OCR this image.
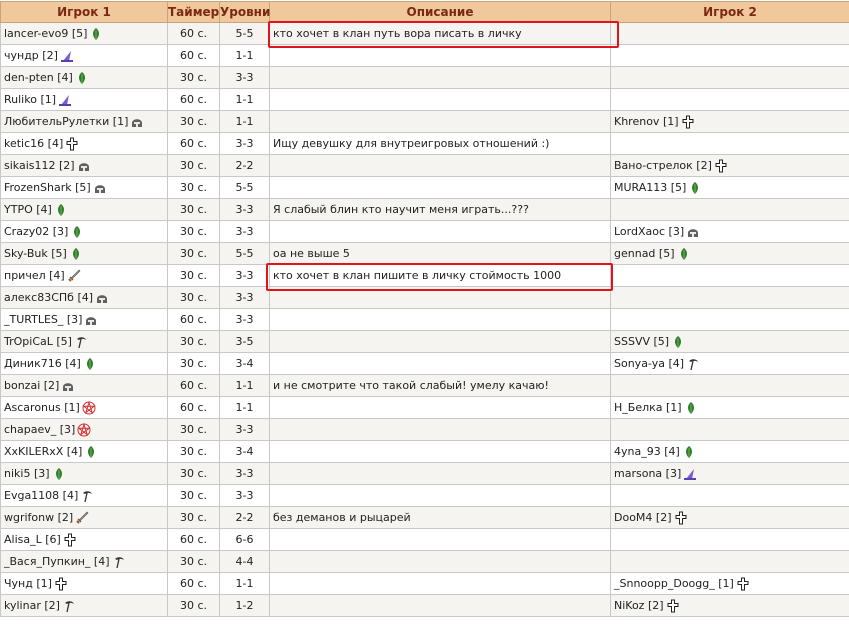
Игрок 1	Таймер	Уровни	Описание	Игрок 2

lancer-evo9 [5]	60 с.	5-5	кто хочет в клан путь вора писать в личку	

чундр [2]	60 с.	1-1		

den-pten [4]	30 с.	3-3		

Ruliko [1]	60 с.	1-1		

ЛюбительРулетки [1]	30 с.	1-1		Khrenov [1]

ketic16 [4]	60 с.	3-3	Ищу девушку для внутреигровых отношений :)	

sikais112 [2]	30 с.	2-2		Вано-стрелок [2]

FrozenShark [5]	30 с.	5-5		MURA113 [5]

YTPO [4]	30 с.	3-3	Я слабый блин кто научит меня играть...???	

Crazy02 [3]	30 с.	3-3		LordXaoc [3]

Sky-Buk [5]	30 с.	5-5	оа не выше 5	gennad [5]

причел [4]	30 с.	3-3	кто хочет в клан пишите в личку стоймость 1000	

алекс83СПб [4]	30 с.	3-3		

_TURTLES_ [3]	60 с.	3-3		

TrOpiCaL [5]	30 с.	3-5		SSSVV [5]

Диник716 [4]	30 с.	3-4		Sonya-ya [4]

bonzai [2]	60 с.	1-1	и не смотрите что такой слабый! умелу качаю!	

Ascaronus [1]	60 с.	1-1		H_Белка [1]

chapaev_ [3]	30 с.	3-3		

XxKILERxX [4]	30 с.	3-4		4yna_93 [4]

niki5 [3]	30 с.	3-3		marsona [3]

Evga1108 [4]	30 с.	3-3		

wgrifonw [2]	30 с.	2-2	без деманов и рыцарей	DooM4 [2]

Alisa_L [6]	60 с.	6-6		

_Вася_Пупкин_ [4]	30 с.	4-4		

Чунд [1]	60 с.	1-1		_Snnoopp_Doogg_ [1]

kylinar [2]	30 с.	1-2		NiKoz [2]
